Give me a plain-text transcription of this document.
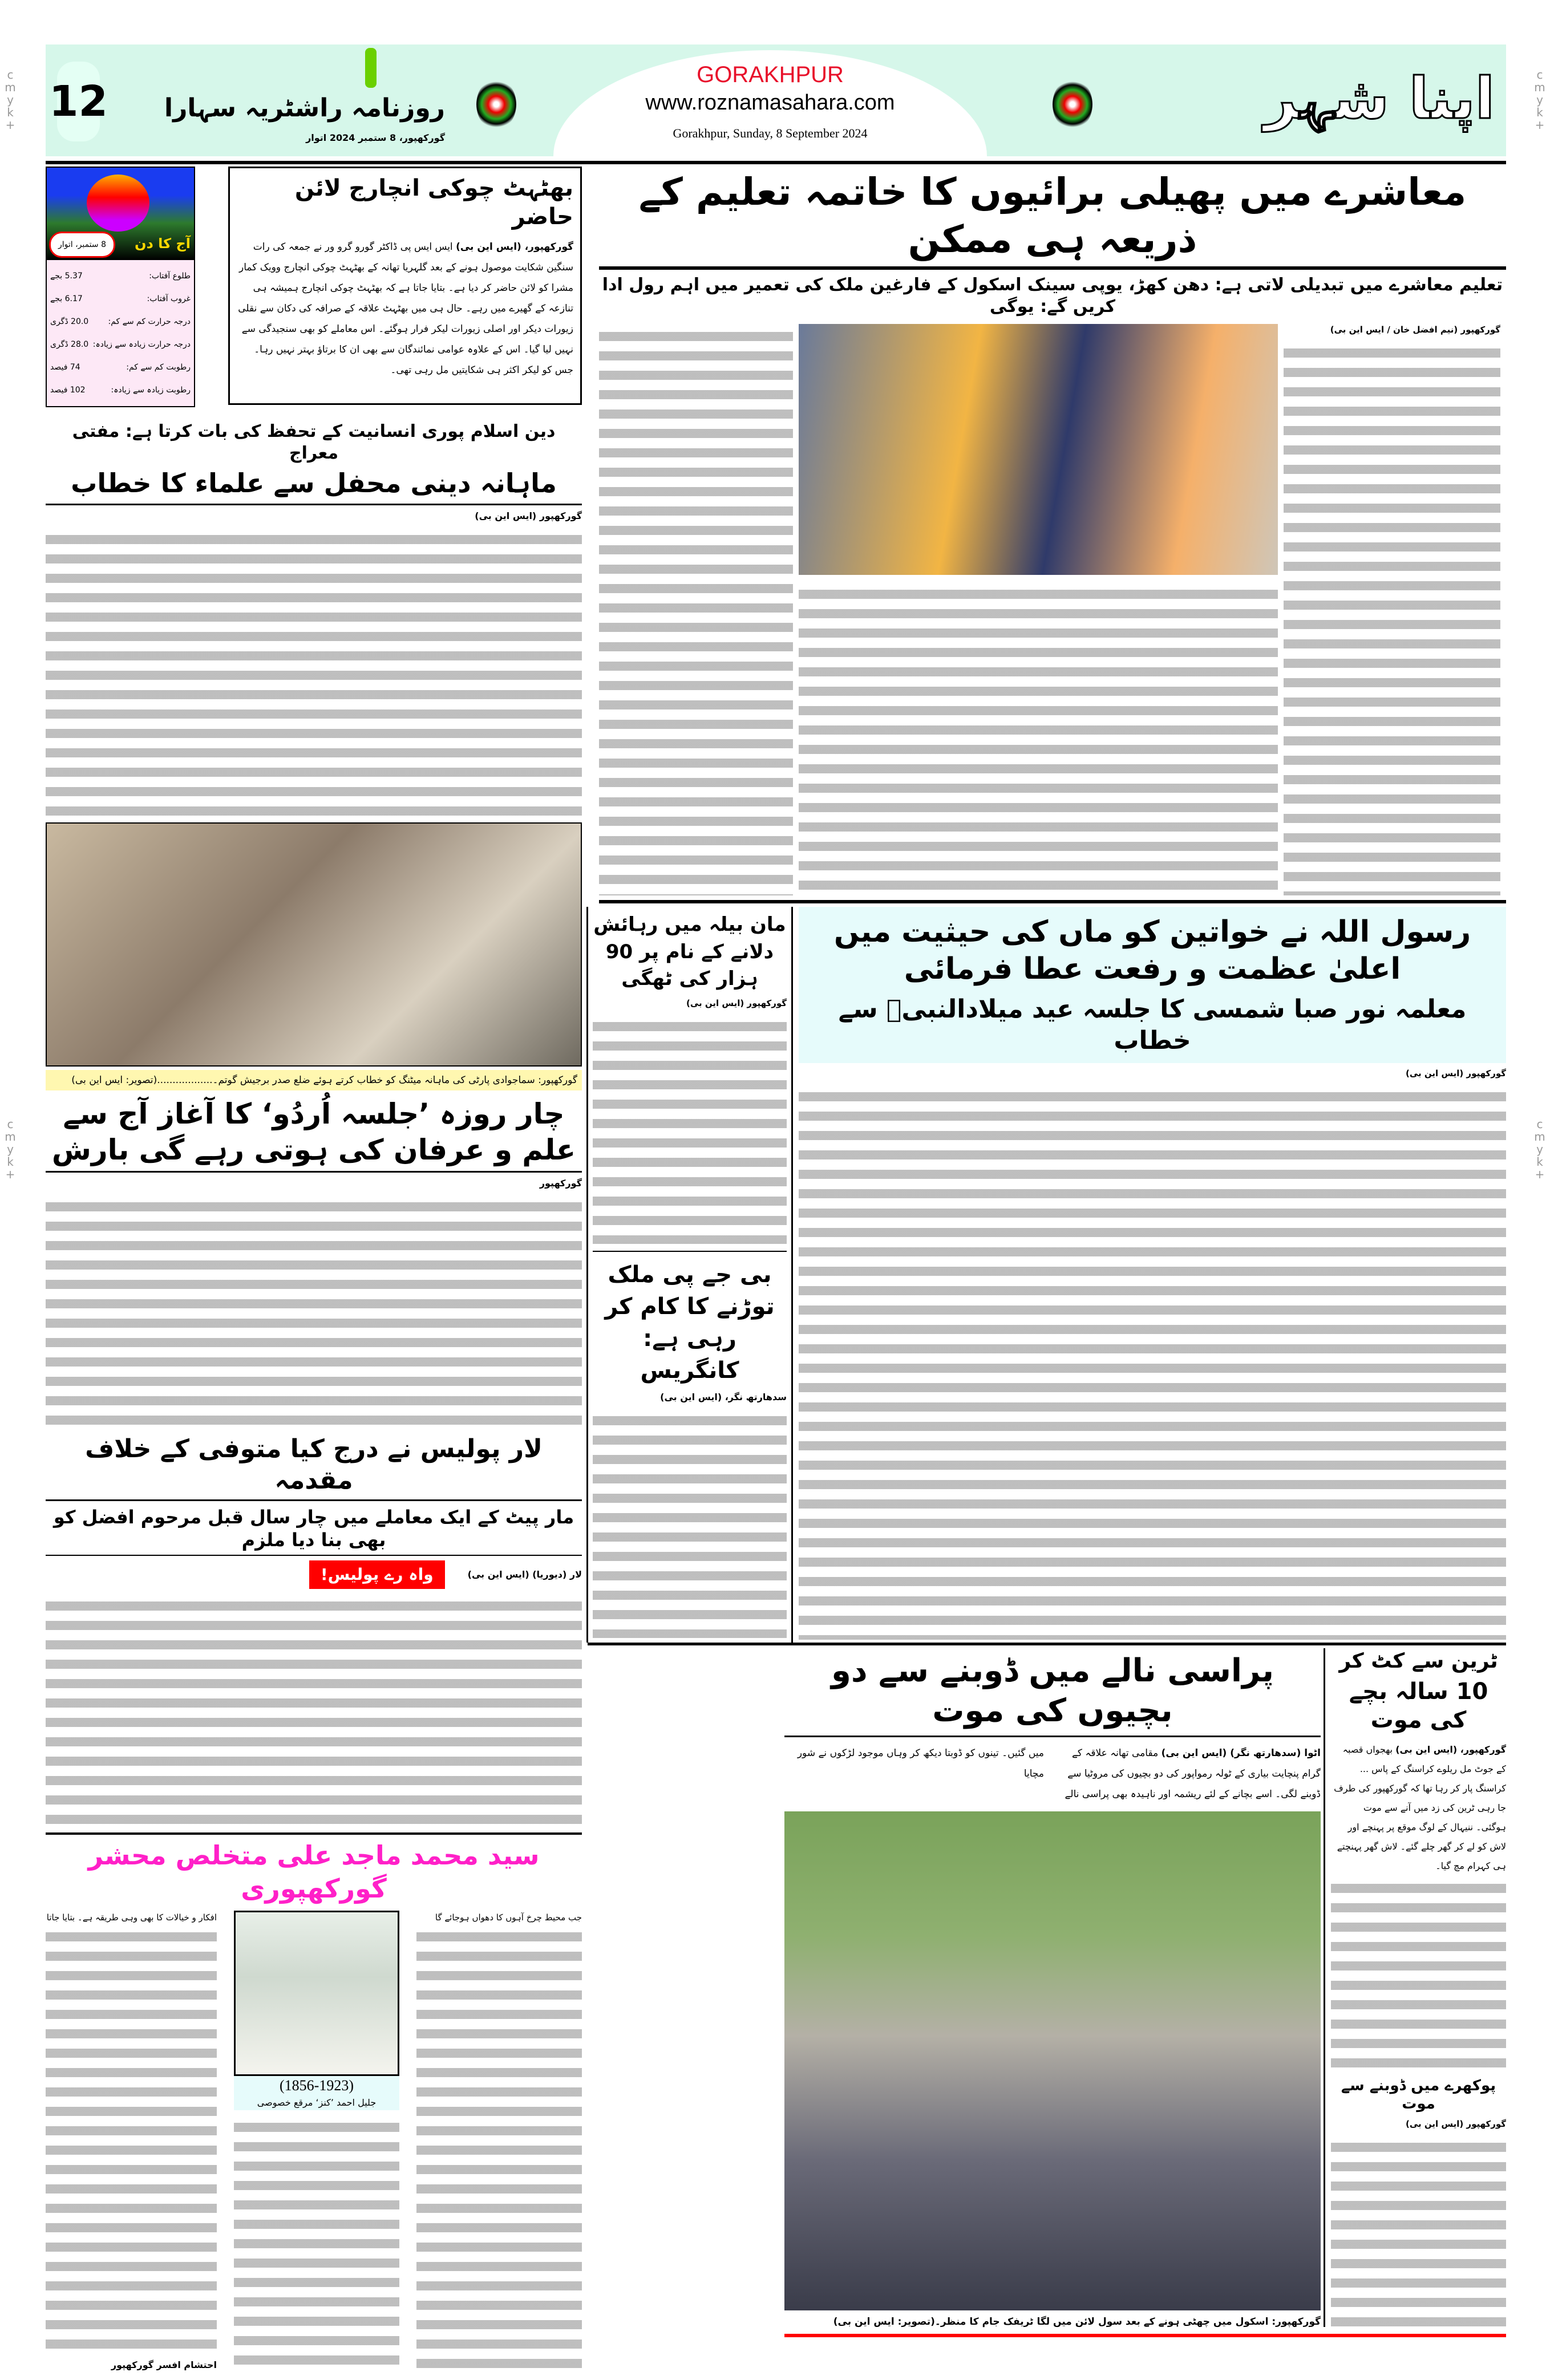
c
m
y
k
+
c
m
y
k
+
c
m
y
k
+
c
m
y
k
+
12	روزنامہ راشٹریہ سہارا
گورکھپور، 8 ستمبر 2024 اتوار
GORAKHPUR
www.roznamasahara.com
Gorakhpur, Sunday, 8 September 2024
اپنا شہر
8 ستمبر، اتوار	آج کا دن
طلوع آفتاب:
5.37 بجے
غروب آفتاب:
6.17 بجے
درجہ حرارت کم سے کم:
20.0 ڈگری
درجہ حرارت زیادہ سے زیادہ:
28.0 ڈگری
رطوبت کم سے کم:
74 فیصد
رطوبت زیادہ سے زیادہ:
102 فیصد
بھٹہٹ چوکی انچارج لائن حاضر
گورکھپور، (ایس این بی) ایس ایس پی ڈاکٹر گورو گرو ور نے جمعہ کی رات سنگین شکایت موصول ہونے کے بعد گلہریا تھانہ کے بھٹہٹ چوکی انچارج وویک کمار مشرا کو لائن حاضر کر دیا ہے۔ بتایا جاتا ہے کہ بھٹہٹ چوکی انچارج ہمیشہ ہی تنازعہ کے گھیرے میں رہے۔ حال ہی میں بھٹہٹ علاقہ کے صرافہ کی دکان سے نقلی زیورات دیکر اور اصلی زیورات لیکر فرار ہوگئے۔ اس معاملے کو بھی سنجیدگی سے نہیں لیا گیا۔ اس کے علاوہ عوامی نمائندگان سے بھی ان کا برتاؤ بہتر نہیں رہا۔ جس کو لیکر اکثر ہی شکایتیں مل رہی تھی۔
دین اسلام پوری انسانیت کے تحفظ کی بات کرتا ہے: مفتی معراج
ماہانہ دینی محفل سے علماء کا خطاب
گورکھپور (ایس این بی)
گورکھپور: سماجوادی پارٹی کی ماہانہ میٹنگ کو خطاب کرتے ہوئے ضلع صدر برجیش گوتم۔..................(تصویر: ایس این بی)
چار روزہ ’جلسہ اُردُو‘ کا آغاز آج سے
علم و عرفان کی ہوتی رہے گی بارش
گورکھپور
لار پولیس نے درج کیا متوفی کے خلاف مقدمہ
مار پیٹ کے ایک معاملے میں چار سال قبل مرحوم افضل کو بھی بنا دیا ملزم
لار (دیوریا) (ایس این بی)
واہ رے پولیس!
سید محمد ماجد علی متخلص محشر گورکھپوری
افکار و خیالات کا بھی وہی طریقہ ہے۔ بتایا جاتا
احتشام افسر گورکھپور
(1856-1923)
جلیل احمد ’کنز‘ مرقع خصوصی
جب محیط چرخ آہوں کا دھواں ہوجائے گا
معاشرے میں پھیلی برائیوں کا خاتمہ تعلیم کے ذریعہ ہی ممکن
تعلیم معاشرے میں تبدیلی لاتی ہے: دھن کھڑ، یوپی سینک اسکول کے فارغین ملک کی تعمیر میں اہم رول ادا کریں گے: یوگی
گورکھپور (نیم افضل خان / ایس این بی)
مان بیلہ میں رہائش دلانے کے نام پر 90 ہزار کی ٹھگی
گورکھپور (ایس این بی)
بی جے پی ملک توڑنے کا کام کر رہی ہے: کانگریس
سدھارتھ نگر، (ایس این بی)
رسول اللہ نے خواتین کو ماں کی حیثیت میں اعلیٰ عظمت و رفعت عطا فرمائی
معلمہ نور صبا شمسی کا جلسہ عید میلادالنبیؐ سے خطاب
گورکھپور (ایس این بی)
پراسی نالے میں ڈوبنے سے دو بچیوں کی موت
اٹوا (سدھارتھ نگر) (ایس این بی) مقامی تھانہ علاقہ کے گرام پنچایت بیاری کے ٹولہ رمواپور کی دو بچیوں کی مروٹیا سے ڈوبنے لگی۔ اسے بچانے کے لئے ریشمہ اور ناہیدہ بھی پراسی نالے میں گئیں۔ تینوں کو ڈوبتا دیکھ کر وہاں موجود لڑکوں نے شور مچایا
گورکھپور: اسکول میں چھٹی ہونے کے بعد سول لائن میں لگا ٹریفک جام کا منظر۔(تصویر: ایس این بی)
ٹرین سے کٹ کر
10 سالہ بچے کی موت
گورکھپور، (ایس این بی) بھجواں قصبہ کے جوٹ مل ریلوے کراسنگ کے پاس ... کراسنگ پار کر رہا تھا کہ گورکھپور کی طرف جا رہی ٹرین کی زد میں آنے سے موت ہوگئی۔ ننیہال کے لوگ موقع پر پہنچے اور لاش کو لے کر گھر چلے گئے۔ لاش گھر پہنچتے ہی کہرام مچ گیا۔
پوکھرے میں ڈوبنے سے موت
گورکھپور (ایس این بی)
